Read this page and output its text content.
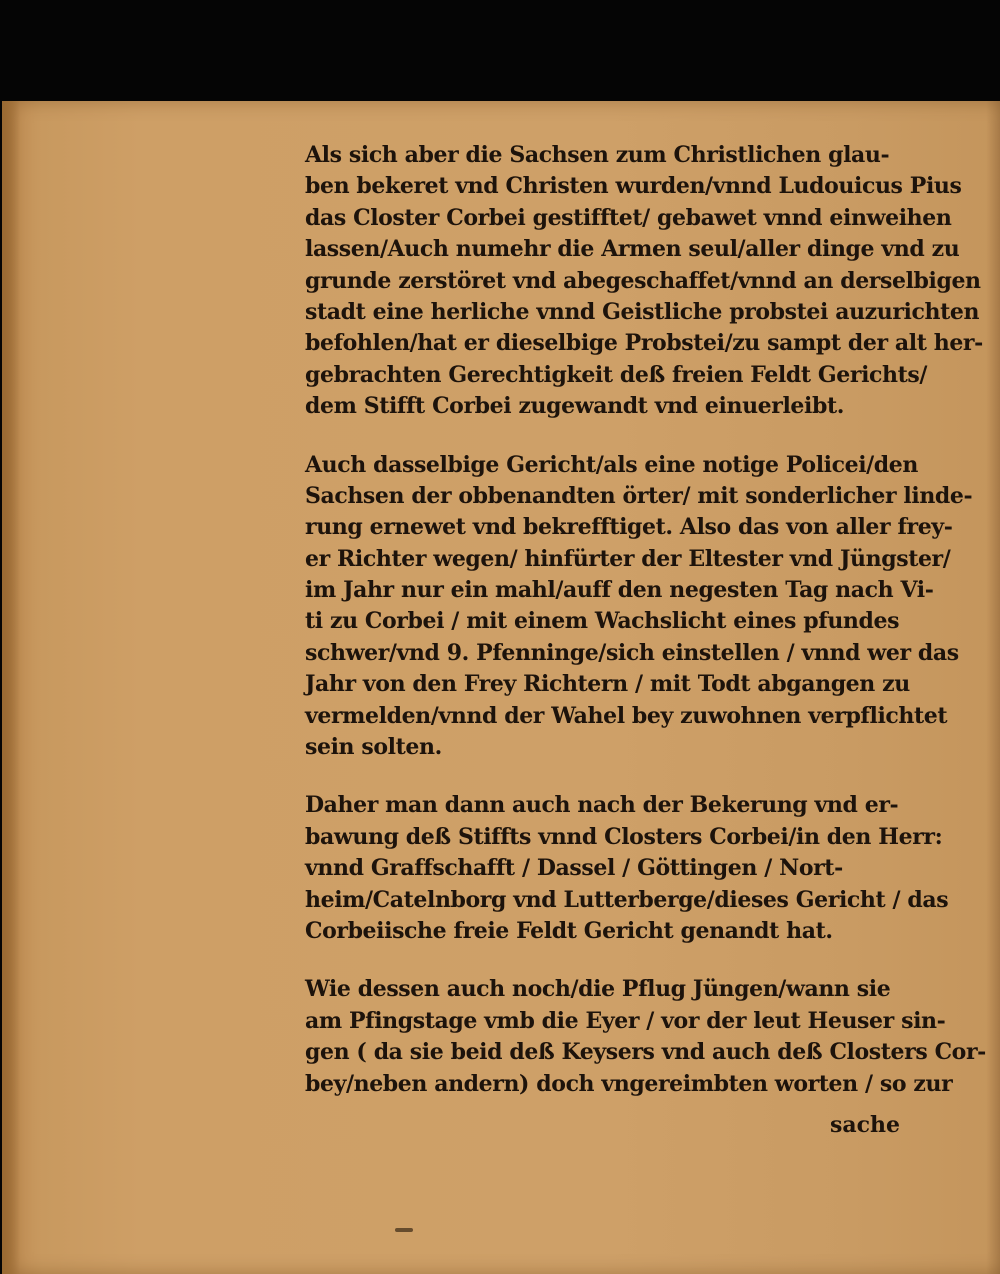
Als sich aber die Sachsen zum Christlichen glau-
ben bekeret vnd Christen wurden/vnnd Ludouicus Pius
das Closter Corbei gestifftet/ gebawet vnnd einweihen
lassen/Auch numehr die Armen seul/aller dinge vnd zu
grunde zerstöret vnd abegeschaffet/vnnd an derselbigen
stadt eine herliche vnnd Geistliche probstei auzurichten
befohlen/hat er dieselbige Probstei/zu sampt der alt her-
gebrachten Gerechtigkeit deß freien Feldt Gerichts/
dem Stifft Corbei zugewandt vnd einuerleibt.

Auch dasselbige Gericht/als eine notige Policei/den
Sachsen der obbenandten örter/ mit sonderlicher linde-
rung ernewet vnd bekrefftiget. Also das von aller frey-
er Richter wegen/ hinfürter der Eltester vnd Jüngster/
im Jahr nur ein mahl/auff den negesten Tag nach Vi-
ti zu Corbei / mit einem Wachslicht eines pfundes
schwer/vnd 9. Pfenninge/sich einstellen / vnnd wer das
Jahr von den Frey Richtern / mit Todt abgangen zu
vermelden/vnnd der Wahel bey zuwohnen verpflichtet
sein solten.

Daher man dann auch nach der Bekerung vnd er-
bawung deß Stiffts vnnd Closters Corbei/in den Herr:
vnnd Graffschafft / Dassel / Göttingen / Nort-
heim/Catelnborg vnd Lutterberge/dieses Gericht / das
Corbeiische freie Feldt Gericht genandt hat.

Wie dessen auch noch/die Pflug Jüngen/wann sie
am Pfingstage vmb die Eyer / vor der leut Heuser sin-
gen ( da sie beid deß Keysers vnd auch deß Closters Cor-
bey/neben andern) doch vngereimbten worten / so zur

sache
